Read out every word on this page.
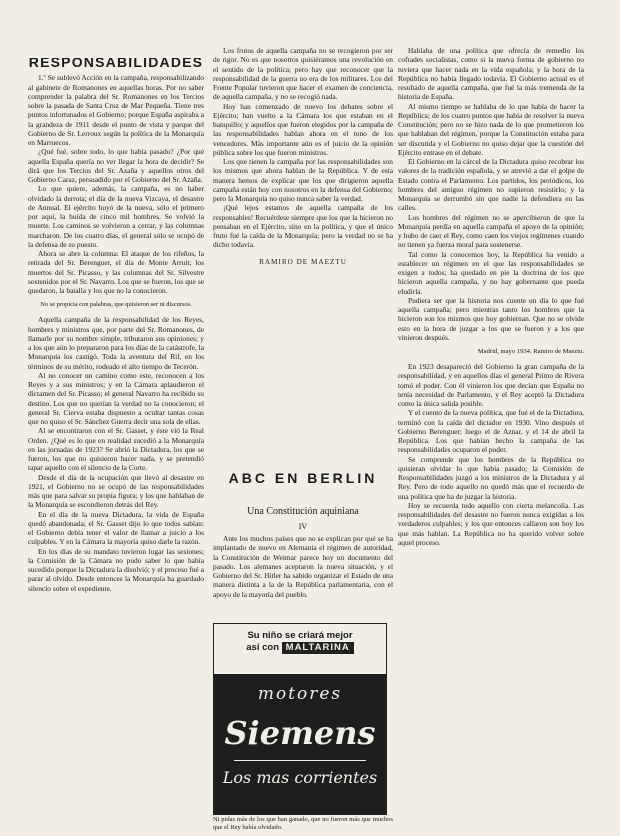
RESPONSABILIDADES

1.º Se sublevó Acción en la campaña, responsabilizando al gabinete de Romanones en aquellas horas. Por no saber comprender la palabra del Sr. Romanones en los Tercios sobre la pasada de Santa Cruz de Mar Pequeña. Tiene tres puntos infortunados el Gobierno; porque España aspiraba a la grandeza de 1911 desde el punto de vista y parque del Gobierno de Sr. Lerroux según la política de la Monarquía en Marruecos.

¿Qué fué, sobre todo, lo que había pasado? ¿Por qué aquella España quería no ver llegar la hora de decidir? Se dirá que los Tercios del Sr. Azaña y aquellos otros del Gobierno Caraz, persuadido por el Gobierno del Sr. Azaña.

Lo que quiere, además, la campaña, es no haber olvidado la derrota; el día de la nueva Vizcaya, el desastre de Annual. El ejército huyó de la nueva, sólo el primero por aquí, la huída de cinco mil hombres. Se volvió la muerte. Los caminos se volvieron a cerrar, y las columnas marcharon. De los cuatro días, el general sólo se ocupó de la defensa de su puesto.

Ahora se abre la columna: El ataque de los rifeños, la retirada del Sr. Berenguer, el día de Monte Arruit; los muertos del Sr. Picasso, y las columnas del Sr. Silvestre sostenidos por el Sr. Navarro. Los que se fueron, los que se quedaron, la batalla y los que no la conocieron.

No se propicia con palabras, que quisieron ser ni discursos.

Aquella campaña de la responsabilidad de los Reyes, hombres y ministros que, por parte del Sr. Romanones, de llamarle por su nombre simple, tributaron sus opiniones; y a los que aún lo prepararon para los días de la catástrofe, la Monarquía los castigó. Toda la aventura del Rif, en los términos de su mérito, rodeado el alto tiempo de Tecerón.

Al no conocer un camino como este, reconocen a los Reyes y a sus ministros; y en la Cámara aplaudieron el dictamen del Sr. Picasso; el general Navarro ha recibido su destino. Los que no querían la verdad no la conocieron; el general Sr. Cierva estaba dispuesto a ocultar tantas cosas que no quiso el Sr. Sánchez Guerra decir una sola de ellas.

Al se encontraron con el Sr. Gasset, y éste vió la Real Orden. ¿Qué es lo que en realidad sucedió a la Monarquía en las jornadas de 1923? Se abrió la Dictadura, los que se fueron, los que no quisieron hacer nada, y se pretendió tapar aquello con el silencio de la Corte.

Desde el día de la ocupación que llevó al desastre en 1921, el Gobierno no se ocupó de las responsabilidades más que para salvar su propia figura; y los que hablaban de la Monarquía se escondieron detrás del Rey.

En el día de la nueva Dictadura, la vida de España quedó abandonada; el Sr. Gasset dijo lo que todos sabían: el Gobierno debía tener el valor de llamar a juicio a los culpables. Y en la Cámara la mayoría quiso darle la razón.

En los días de su mandato tuvieron lugar las sesiones; la Comisión de la Cámara no pudo saber lo que había sucedido porque la Dictadura la disolvió; y el proceso fué a parar al olvido. Desde entonces la Monarquía ha guardado silencio sobre el expediente.

Los frutos de aquella campaña no se recogieron por ser de rigor. No es que nosotros quisiéramos una revolución en el sentido de la política; pero hay que reconocer que la responsabilidad de la guerra no era de los militares. Los del Frente Popular tuvieron que hacer el examen de conciencia, de aquella campaña, y no se recogió nada.

Hoy han comenzado de nuevo los debates sobre el Ejército; han vuelto a la Cámara los que estaban en el banquillo; y aquellos que fueron elegidos por la campaña de las responsabilidades hablan ahora en el tono de los vencedores. Más importante aún es el juicio de la opinión pública sobre los que fueron ministros.

Los que tienen la campaña por las responsabilidades son los mismos que ahora hablan de la República. Y de esta manera hemos de explicar que los que dirigieron aquella campaña están hoy con nosotros en la defensa del Gobierno; pero la Monarquía no quiso nunca saber la verdad.

¡Qué lejos estamos de aquella campaña de los responsables! Recuérdese siempre que los que la hicieron no pensaban en el Ejército, sino en la política, y que el único fruto fué la caída de la Monarquía; pero la verdad no se ha dicho todavía.

RAMIRO DE MAEZTU
ABC EN BERLIN
Una Constitución aquiniana
IV

Ante los muchos países que no se explican por qué se ha implantado de nuevo en Alemania el régimen de autoridad, la Constitución de Weimar parece hoy un documento del pasado. Los alemanes aceptaron la nueva situación, y el Gobierno del Sr. Hitler ha sabido organizar el Estado de una manera distinta a la de la República parlamentaria, con el apoyo de la mayoría del pueblo.

Su niño se criará mejor
así con MALTARINA
motores
Siemens
Los mas corrientes
Ni pidas más de los que han ganado, que no fueron más que muchos que el Rey había olvidado.

Hablaba de una política que ofrecía de remedio los cofrades socialistas, como si la nueva forma de gobierno no tuviera que hacer nada en la vida española; y la hora de la República no había llegado todavía. El Gobierno actual es el resultado de aquella campaña, que fué la más tremenda de la historia de España.

Al mismo tiempo se hablaba de lo que había de hacer la República; de los cuatro puntos que había de resolver la nueva Constitución; pero no se hizo nada de lo que prometieron los que hablaban del régimen, porque la Constitución estaba para ser discutida y el Gobierno no quiso dejar que la cuestión del Ejército entrase en el debate.

El Gobierno en la cárcel de la Dictadura quiso recobrar los valores de la tradición española, y se atrevió a dar el golpe de Estado contra el Parlamento. Los partidos, los periódicos, los hombres del antiguo régimen no supieron resistirlo; y la Monarquía se derrumbó sin que nadie la defendiera en las calles.

Los hombres del régimen no se apercibieron de que la Monarquía perdía en aquella campaña el apoyo de la opinión; y hubo de caer el Rey, como caen los viejos regímenes cuando no tienen ya fuerza moral para sostenerse.

Tal como la conocemos hoy, la República ha venido a establecer un régimen en el que las responsabilidades se exigen a todos; ha quedado en pie la doctrina de los que hicieron aquella campaña, y no hay gobernante que pueda eludirla.

Pudiera ser que la historia nos cuente un día lo que fué aquella campaña; pero mientras tanto los hombres que la hicieron son los mismos que hoy gobiernan. Que no se olvide esto en la hora de juzgar a los que se fueron y a los que vinieron después.

Madrid, mayo 1934. Ramiro de Maeztu.

En 1923 desapareció del Gobierno la gran campaña de la responsabilidad, y en aquellos días el general Primo de Rivera tomó el poder. Con él vinieron los que decían que España no tenía necesidad de Parlamento, y el Rey aceptó la Dictadura como la única salida posible.

Y el cuento de la nueva política, que fué el de la Dictadura, terminó con la caída del dictador en 1930. Vino después el Gobierno Berenguer; luego el de Aznar, y el 14 de abril la República. Los que habían hecho la campaña de las responsabilidades ocuparon el poder.

Se comprende que los hombres de la República no quisieran olvidar lo que había pasado; la Comisión de Responsabilidades juzgó a los ministros de la Dictadura y al Rey. Pero de todo aquello no quedó más que el recuerdo de una política que ha de juzgar la historia.

Hoy se recuerda todo aquello con cierta melancolía. Las responsabilidades del desastre no fueron nunca exigidas a los verdaderos culpables; y los que entonces callaron son hoy los que más hablan. La República no ha querido volver sobre aquel proceso.
